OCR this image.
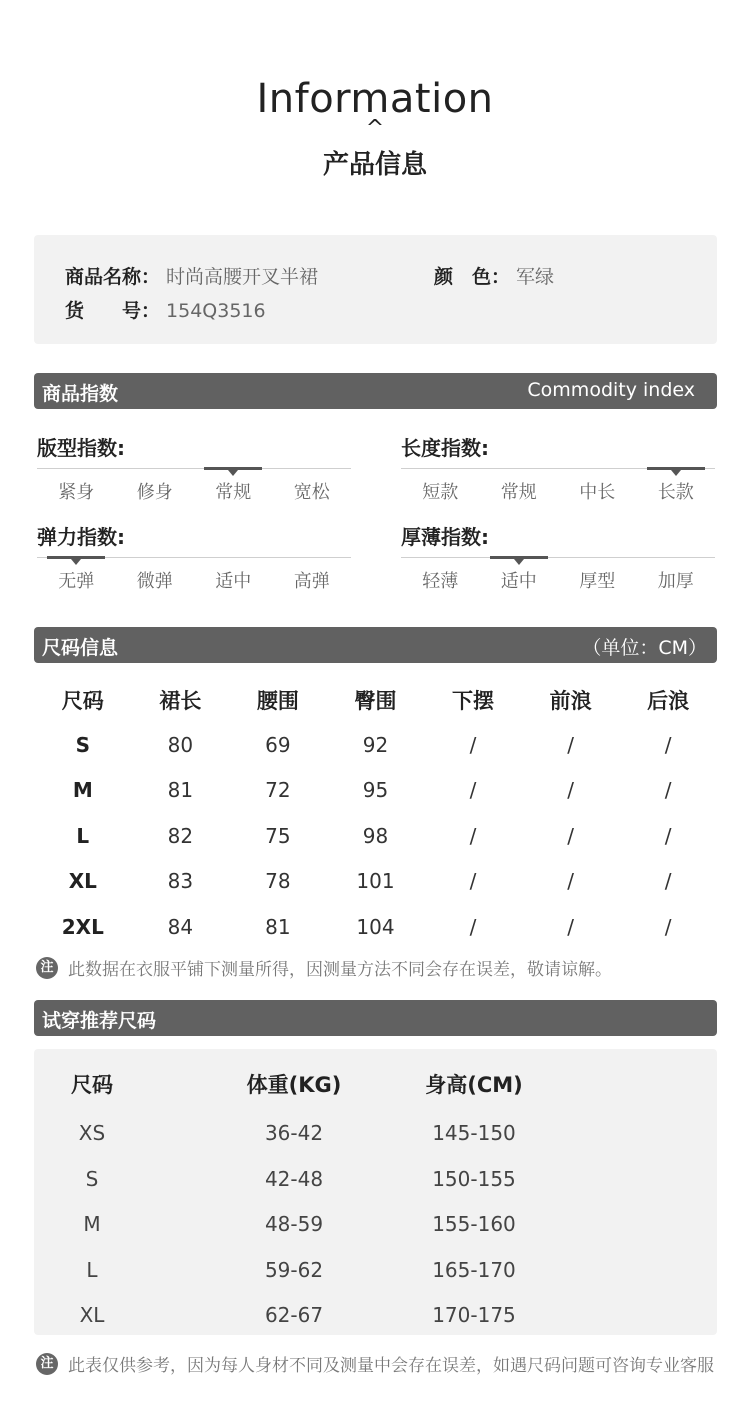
Information
^
产品信息
商品名称： 时尚高腰开叉半裙	颜　色： 军绿
货　　号： 154Q3516
商品指数	Commodity index
版型指数:
紧身	修身	常规	宽松
长度指数:
短款	常规	中长	长款
弹力指数:
无弹	微弹	适中	高弹
厚薄指数:
轻薄	适中	厚型	加厚
尺码信息	（单位：CM）
尺码	裙长	腰围	臀围	下摆	前浪	后浪
S	80	69	92	/	/	/
M	81	72	95	/	/	/
L	82	75	98	/	/	/
XL	83	78	101	/	/	/
2XL	84	81	104	/	/	/
注 此数据在衣服平铺下测量所得，因测量方法不同会存在误差，敬请谅解。
试穿推荐尺码
尺码	体重(KG)	身高(CM)
XS	36-42	145-150
S	42-48	150-155
M	48-59	155-160
L	59-62	165-170
XL	62-67	170-175
注 此表仅供参考，因为每人身材不同及测量中会存在误差，如遇尺码问题可咨询专业客服
